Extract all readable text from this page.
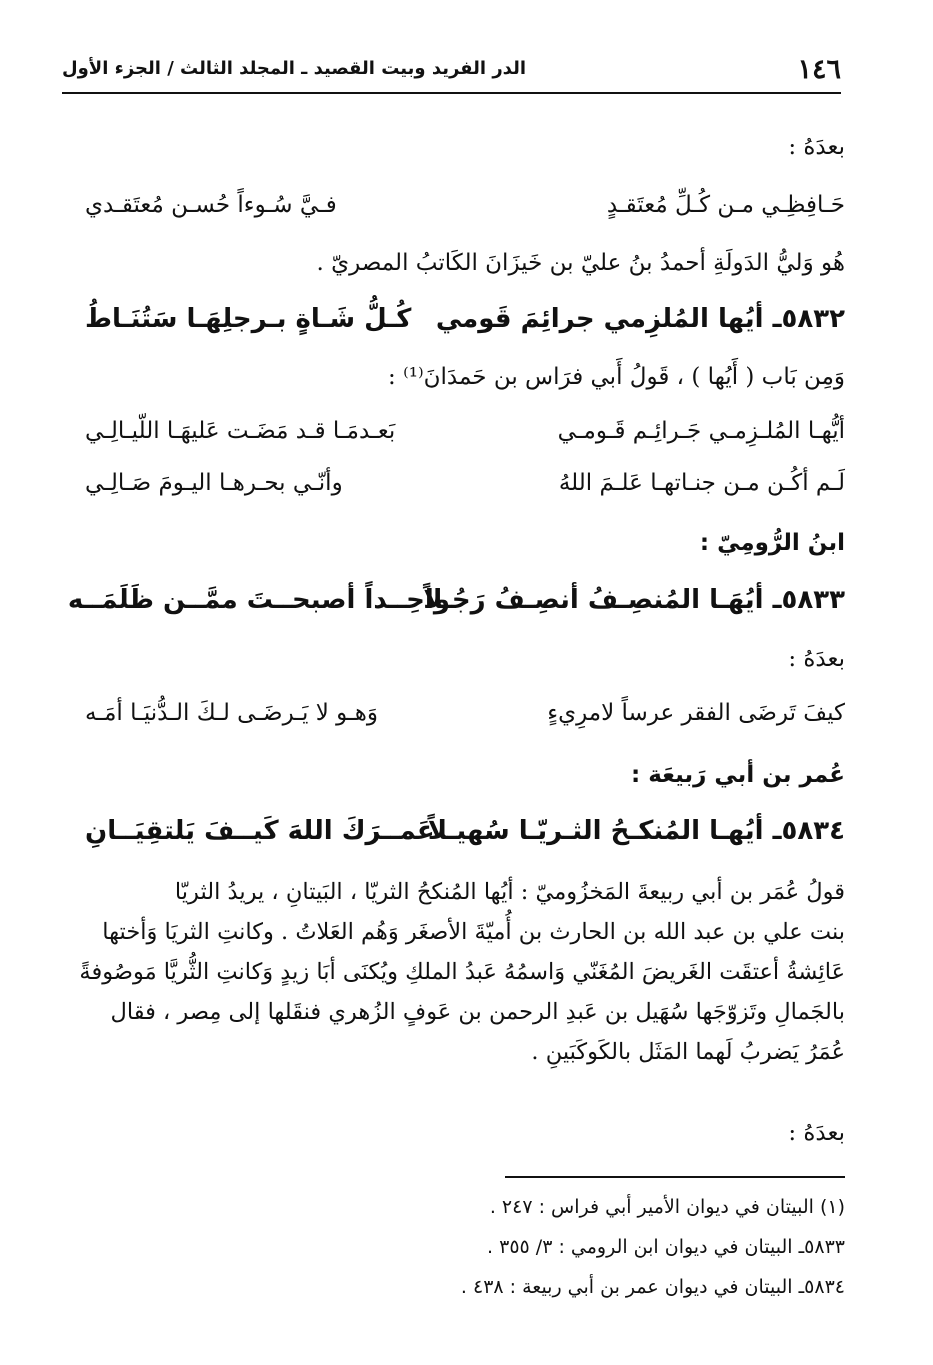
١٤٦
الدر الفريد وبيت القصيد ـ المجلد الثالث / الجزء الأول
بعدَهُ :
حَـافِظِـي مـن كُـلِّ مُعتَقـدٍ
فـيَّ سُـوءاً حُسـن مُعتَقـدي
هُو وَليُّ الدَولَةِ أحمدُ بنُ عليّ بن خَيزَانَ الكَاتبُ المصريّ .
٥٨٣٢ـ أيُها المُلزِمي جرائِمَ قَومي
كُـلُّ شَـاةٍ بـرجلِهَـا سَتُنَـاطُ
وَمِن بَاب ( أَيُها ) ، قَولُ أَبي فرَاس بن حَمدَانَ⁽¹⁾ :
أيُّهـا المُلـزِمـي جَـرائِـم قَـومـي
بَعـدمَـا قـد مَضَـت عَليهَـا اللّيـالِـي
لَـم أكُـن مـن جنـاتهـا عَلـمَ اللهُ
وأنّـي بحـرهـا اليـومَ صَـالِـي
ابنُ الرُّومِيّ :
٥٨٣٣ـ أيُهَـا المُنصِـفُ أنصِـفُ رَجُـلاً
واحِــداً أصبحــتَ ممَّــن ظَلَمَــه
بعدَهُ :
كيفَ تَرضَى الفقر عرساً لامرِيءٍ
وَهـو لا يَـرضَـى لـكَ الـدُّنيَـا أمَـه
عُمر بن أبي رَبيعَة :
٥٨٣٤ـ أيُهـا المُنكـحُ الثـريّـا سُهيـلاً
عَمــرَكَ اللهَ كَيــفَ يَلتقِيَــانِ
قولُ عُمَر بن أبي ربيعةَ المَخزُوميّ : أيُها المُنكحُ الثريّا ، البَيتانِ ، يريدُ الثريّا
بنت علي بن عبد الله بن الحارث بن أُميّةَ الأصغَر وَهُم العَلاتُ . وكانتِ الثريَا وَأختها
عَائِشةُ أعتقَت الغَريضَ المُغَنّي وَاسمُهُ عَبدُ الملكِ ويُكنَى أبَا زيدٍ وَكانتِ الثُّريَّا مَوصُوفةً
بالجَمالِ وتَزوّجَها سُهَيل بن عَبدِ الرحمن بن عَوفٍ الزُهري فنقَلها إلى مِصر ، فقال
عُمَرُ يَضربُ لَهما المَثَل بالكَوكَبَينِ .
بعدَهُ :
(١) البيتان في ديوان الأمير أبي فراس : ٢٤٧ .
٥٨٣٣ـ البيتان في ديوان ابن الرومي : ٣/ ٣٥٥ .
٥٨٣٤ـ البيتان في ديوان عمر بن أبي ربيعة : ٤٣٨ .
